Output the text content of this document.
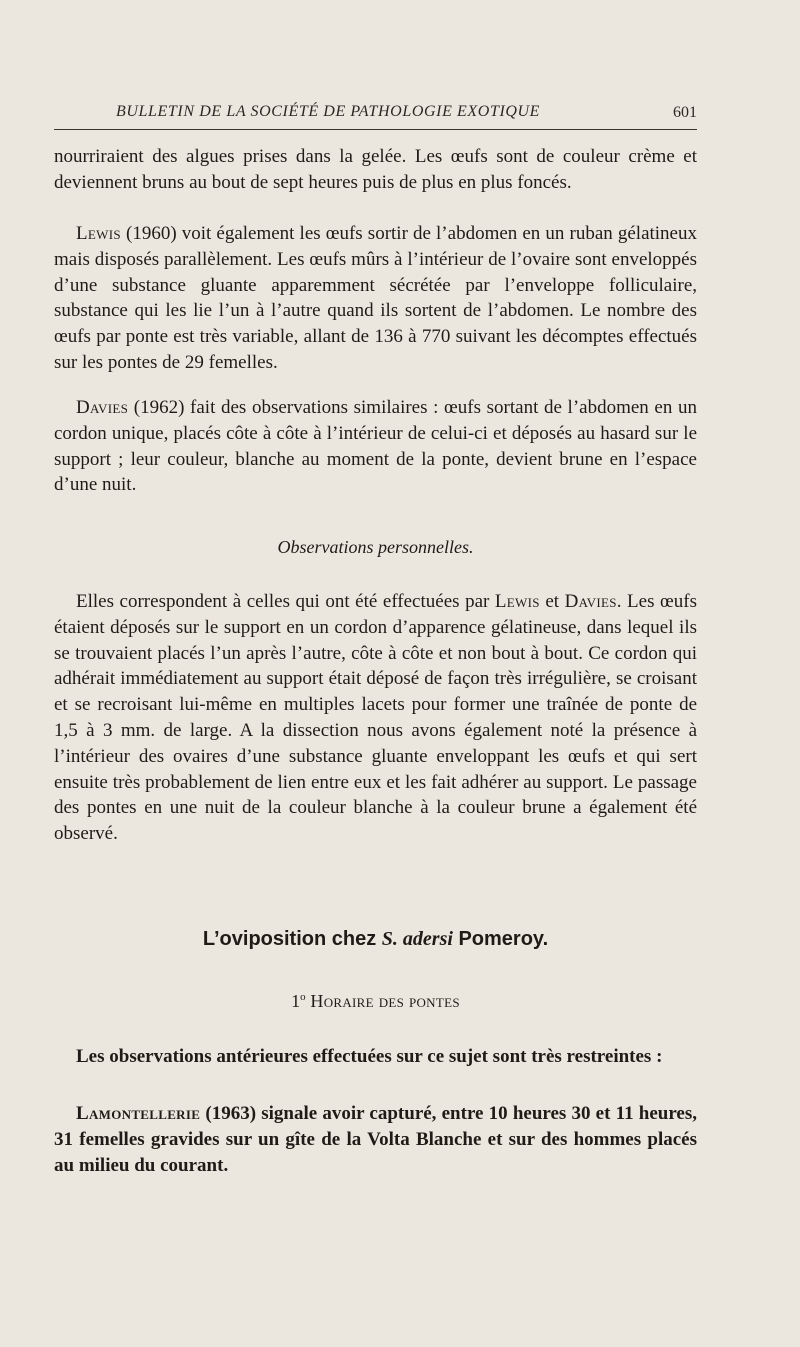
BULLETIN DE LA SOCIÉTÉ DE PATHOLOGIE EXOTIQUE	601

nourriraient des algues prises dans la gelée. Les œufs sont de couleur crème et deviennent bruns au bout de sept heures puis de plus en plus foncés.

Lewis (1960) voit également les œufs sortir de l’abdomen en un ruban gélatineux mais disposés parallèlement. Les œufs mûrs à l’intérieur de l’ovaire sont enveloppés d’une substance gluante apparemment sécrétée par l’enveloppe folliculaire, substance qui les lie l’un à l’autre quand ils sortent de l’abdomen. Le nombre des œufs par ponte est très variable, allant de 136 à 770 suivant les décomptes effectués sur les pontes de 29 femelles.

Davies (1962) fait des observations similaires : œufs sortant de l’abdomen en un cordon unique, placés côte à côte à l’intérieur de celui-ci et déposés au hasard sur le support ; leur couleur, blanche au moment de la ponte, devient brune en l’espace d’une nuit.

Observations personnelles.

Elles correspondent à celles qui ont été effectuées par Lewis et Davies. Les œufs étaient déposés sur le support en un cordon d’apparence gélatineuse, dans lequel ils se trouvaient placés l’un après l’autre, côte à côte et non bout à bout. Ce cordon qui adhérait immédiatement au support était déposé de façon très irrégulière, se croisant et se recroisant lui-même en multiples lacets pour former une traînée de ponte de 1,5 à 3 mm. de large. A la dissection nous avons également noté la présence à l’intérieur des ovaires d’une substance gluante enveloppant les œufs et qui sert ensuite très probablement de lien entre eux et les fait adhérer au support. Le passage des pontes en une nuit de la couleur blanche à la couleur brune a également été observé.

L’oviposition chez S. adersi Pomeroy.

1$^o$ Horaire des pontes

Les observations antérieures effectuées sur ce sujet sont très restreintes :

Lamontellerie (1963) signale avoir capturé, entre 10 heures 30 et 11 heures, 31 femelles gravides sur un gîte de la Volta Blanche et sur des hommes placés au milieu du courant.
